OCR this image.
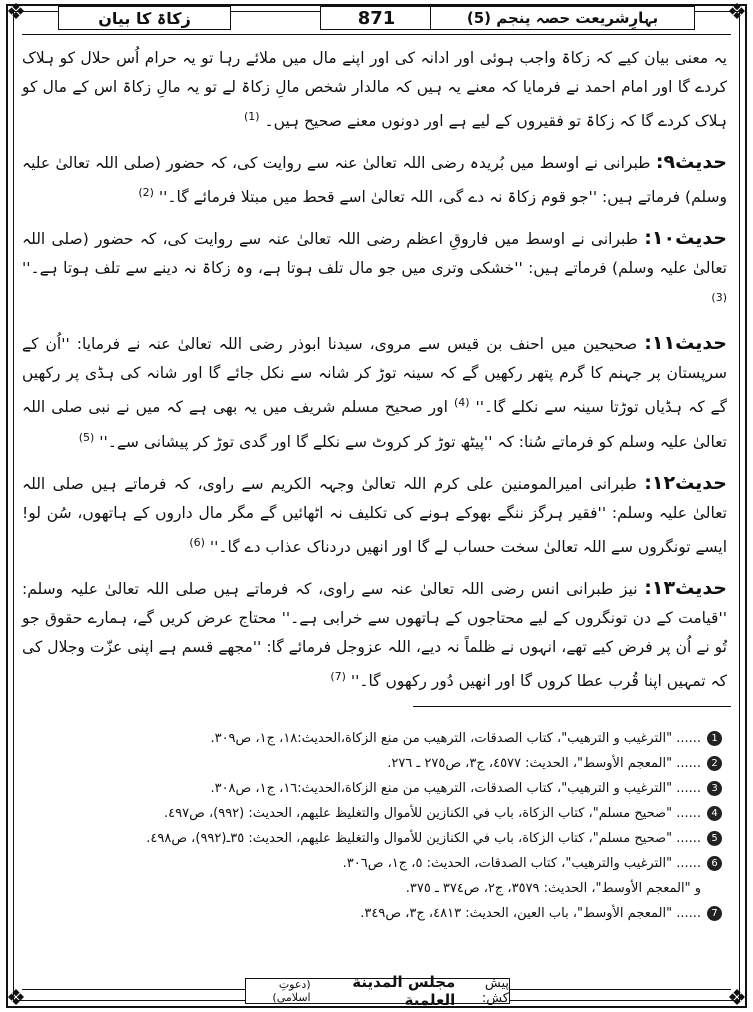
❖	❖
❖	❖
زکاۃ کا بیان	871	بہارِشریعت حصہ پنجم (5)

یہ معنی بیان کیے کہ زکاۃ واجب ہوئی اور ادانہ کی اور اپنے مال میں ملائے رہا تو یہ حرام اُس حلال کو ہلاک کردے گا اور امام احمد نے فرمایا کہ معنے یہ ہیں کہ مالدار شخص مالِ زکاۃ لے تو یہ مالِ زکاۃ اس کے مال کو ہلاک کردے گا کہ زکاۃ تو فقیروں کے لیے ہے اور دونوں معنے صحیح ہیں۔ $^{(1)}$

حدیث۹: طبرانی نے اوسط میں بُریدہ رضی اللہ تعالیٰ عنہ سے روایت کی، کہ حضور (صلی اللہ تعالیٰ علیہ وسلم) فرماتے ہیں: ''جو قوم زکاۃ نہ دے گی، اللہ تعالیٰ اسے قحط میں مبتلا فرمائے گا۔'' $^{(2)}$

حدیث۱۰: طبرانی نے اوسط میں فاروقِ اعظم رضی اللہ تعالیٰ عنہ سے روایت کی، کہ حضور (صلی اللہ تعالیٰ علیہ وسلم) فرماتے ہیں: ''خشکی وتری میں جو مال تلف ہوتا ہے، وہ زکاۃ نہ دینے سے تلف ہوتا ہے۔'' $^{(3)}$

حدیث۱۱: صحیحین میں احنف بن قیس سے مروی، سیدنا ابوذر رضی اللہ تعالیٰ عنہ نے فرمایا: ''اُن کے سرپستان پر جہنم کا گرم پتھر رکھیں گے کہ سینہ توڑ کر شانہ سے نکل جائے گا اور شانہ کی ہڈی پر رکھیں گے کہ ہڈیاں توڑتا سینہ سے نکلے گا۔'' $^{(4)}$ اور صحیح مسلم شریف میں یہ بھی ہے کہ میں نے نبی صلی اللہ تعالیٰ علیہ وسلم کو فرماتے سُنا: کہ ''پیٹھ توڑ کر کروٹ سے نکلے گا اور گدی توڑ کر پیشانی سے۔'' $^{(5)}$

حدیث۱۲: طبرانی امیرالمومنین علی کرم اللہ تعالیٰ وجہہ الکریم سے راوی، کہ فرماتے ہیں صلی اللہ تعالیٰ علیہ وسلم: ''فقیر ہرگز ننگے بھوکے ہونے کی تکلیف نہ اٹھائیں گے مگر مال داروں کے ہاتھوں، سُن لو! ایسے تونگروں سے اللہ تعالیٰ سخت حساب لے گا اور انھیں دردناک عذاب دے گا۔'' $^{(6)}$

حدیث۱۳: نیز طبرانی انس رضی اللہ تعالیٰ عنہ سے راوی، کہ فرماتے ہیں صلی اللہ تعالیٰ علیہ وسلم: ''قیامت کے دن تونگروں کے لیے محتاجوں کے ہاتھوں سے خرابی ہے۔'' محتاج عرض کریں گے، ہمارے حقوق جو تُو نے اُن پر فرض کیے تھے، انہوں نے ظلماً نہ دیے، اللہ عزوجل فرمائے گا: ''مجھے قسم ہے اپنی عزّت وجلال کی کہ تمہیں اپنا قُرب عطا کروں گا اور انھیں دُور رکھوں گا۔'' $^{(7)}$

1
...... "الترغيب و الترهيب"، كتاب الصدقات، الترهيب من منع الزكاة،الحديث:١٨، ج١، ص٣٠٩.
2
...... "المعجم الأوسط"، الحديث: ٤٥٧٧، ج٣، ص٢٧٥ ـ ٢٧٦.
3
...... "الترغيب و الترهيب"، كتاب الصدقات، الترهيب من منع الزكاة،الحديث:١٦، ج١، ص٣٠٨.
4
...... "صحيح مسلم"، كتاب الزكاة، باب في الكنازين للأموال والتغليظ عليهم، الحديث: (٩٩٢)، ص٤٩٧.
5
...... "صحيح مسلم"، كتاب الزكاة، باب في الكنازين للأموال والتغليظ عليهم، الحديث: ٣٥ـ(٩٩٢)، ص٤٩٨.
6
...... "الترغيب والترهيب"، كتاب الصدقات، الحديث: ٥، ج١، ص٣٠٦.
و "المعجم الأوسط"، الحديث: ٣٥٧٩، ج٢، ص٣٧٤ ـ ٣٧٥.
7
...... "المعجم الأوسط"، باب العين، الحديث: ٤٨١٣، ج٣، ص٣٤٩.
پیش کش:
مجلس المدينة العلمية
(دعوتِ اسلامی)
